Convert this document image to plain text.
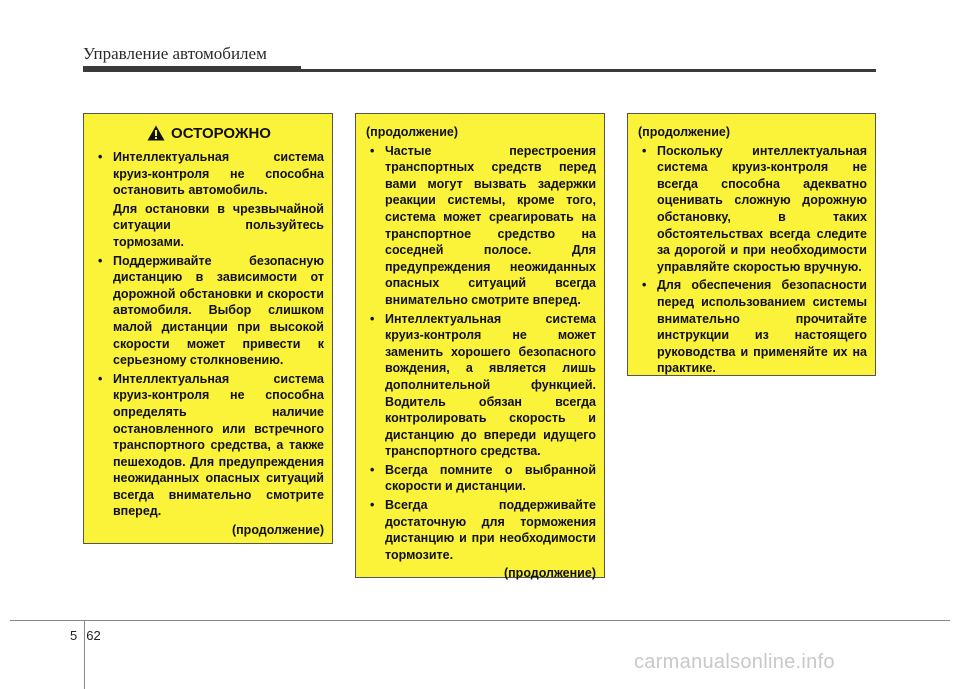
Управление автомобилем
ОСТОРОЖНО
• Интеллектуальная система круиз-контроля не способна остановить автомобиль.
Для остановки в чрезвычайной ситуации пользуйтесь тормозами.
• Поддерживайте безопасную дистанцию в зависимости от дорожной обстановки и скорости автомобиля. Выбор слишком малой дистанции при высокой скорости может привести к серьезному столкновению.
• Интеллектуальная система круиз-контроля не способна определять наличие остановленного или встречного транспортного средства, а также пешеходов. Для предупреждения неожиданных опасных ситуаций всегда внимательно смотрите вперед.
(продолжение)
(продолжение)
• Частые перестроения транспортных средств перед вами могут вызвать задержки реакции системы, кроме того, система может среагировать на транспортное средство на соседней полосе. Для предупреждения неожиданных опасных ситуаций всегда внимательно смотрите вперед.
• Интеллектуальная система круиз-контроля не может заменить хорошего безопасного вождения, а является лишь дополнительной функцией. Водитель обязан всегда контролировать скорость и дистанцию до впереди идущего транспортного средства.
• Всегда помните о выбранной скорости и дистанции.
• Всегда поддерживайте достаточную для торможения дистанцию и при необходимости тормозите.
(продолжение)
(продолжение)
• Поскольку интеллектуальная система круиз-контроля не всегда способна адекватно оценивать сложную дорожную обстановку, в таких обстоятельствах всегда следите за дорогой и при необходимости управляйте скоростью вручную.
• Для обеспечения безопасности перед использованием системы внимательно прочитайте инструкции из настоящего руководства и применяйте их на практике.
5 62
carmanualsonline.info
